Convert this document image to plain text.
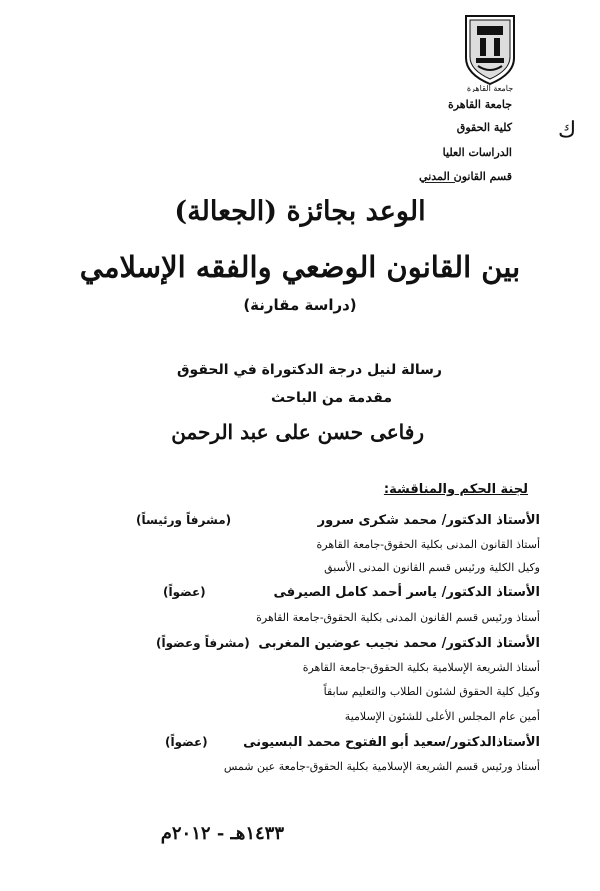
جامعة القاهرة
جامعة القاهرة
كلية الحقوق
الدراسات العليا
قسم القانون المدني
ﻙ
الوعد بجائزة (الجعالة)
بين القانون الوضعي والفقه الإسلامي
(دراسة مقارنة)
رسالة لنيل درجة الدكتوراة في الحقوق
مقدمة من الباحث
رفاعى حسن على عبد الرحمن
لجنة الحكم والمناقشة:
الأستاذ الدكتور/ محمد شكرى سرور
(مشرفاً ورئيساً)
أستاذ القانون المدنى بكلية الحقوق-جامعة القاهرة
وكيل الكلية ورئيس قسم القانون المدنى الأسبق
الأستاذ الدكتور/ ياسر أحمد كامل الصيرفى
(عضواً)
أستاذ ورئيس قسم القانون المدنى بكلية الحقوق-جامعة القاهرة
الأستاذ الدكتور/ محمد نجيب عوضين المغربى
(مشرفاً وعضواً)
أستاذ الشريعة الإسلامية بكلية الحقوق-جامعة القاهرة
وكيل كلية الحقوق لشئون الطلاب والتعليم سابقاً
أمين عام المجلس الأعلى للشئون الإسلامية
الأستاذالدكتور/سعيد أبو الفتوح محمد البسيونى
(عضواً)
أستاذ ورئيس قسم الشريعة الإسلامية بكلية الحقوق-جامعة عين شمس
١٤٣٣هـ - ٢٠١٢م
